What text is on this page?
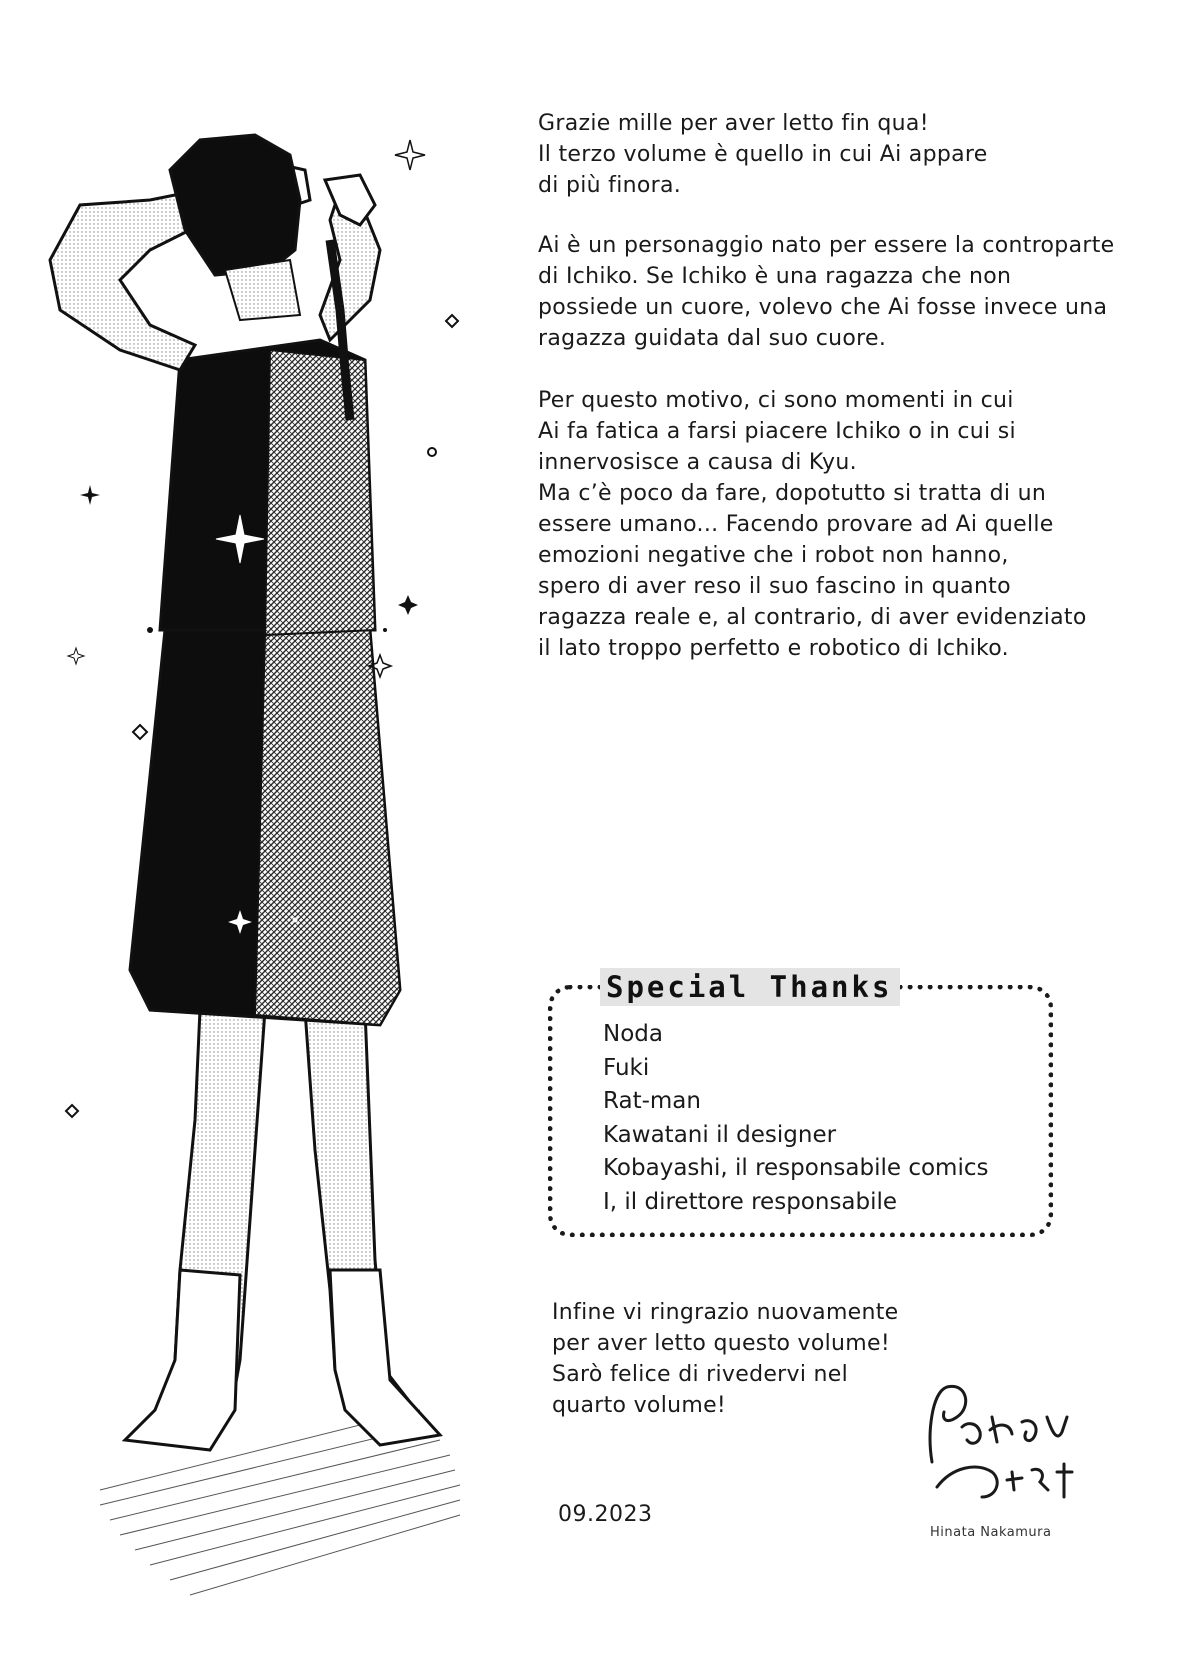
Grazie mille per aver letto fin qua!
Il terzo volume è quello in cui Ai appare
di più finora.
Ai è un personaggio nato per essere la controparte
di Ichiko. Se Ichiko è una ragazza che non
possiede un cuore, volevo che Ai fosse invece una
ragazza guidata dal suo cuore.
Per questo motivo, ci sono momenti in cui
Ai fa fatica a farsi piacere Ichiko o in cui si
innervosisce a causa di Kyu.
Ma c’è poco da fare, dopotutto si tratta di un
essere umano... Facendo provare ad Ai quelle
emozioni negative che i robot non hanno,
spero di aver reso il suo fascino in quanto
ragazza reale e, al contrario, di aver evidenziato
il lato troppo perfetto e robotico di Ichiko.
Special Thanks
Noda
Fuki
Rat-man
Kawatani il designer
Kobayashi, il responsabile comics
I, il direttore responsabile
Infine vi ringrazio nuovamente
per aver letto questo volume!
Sarò felice di rivedervi nel
quarto volume!
09.2023
Hinata Nakamura
